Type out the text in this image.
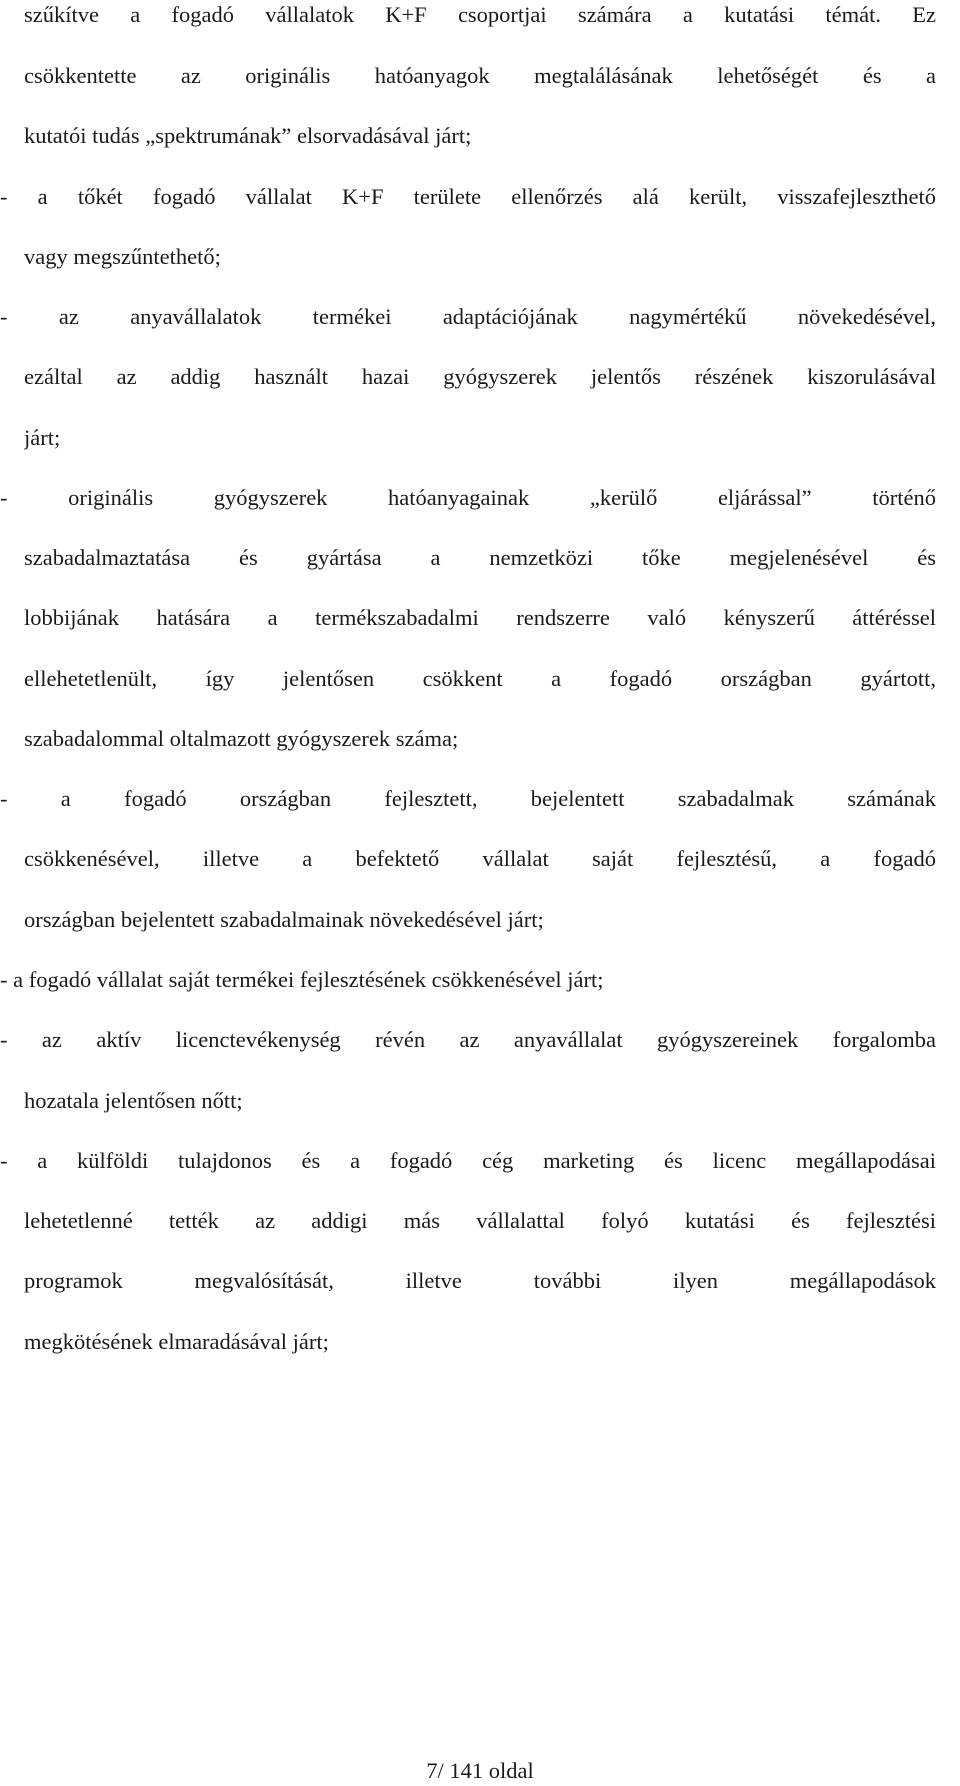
szűkítve a fogadó vállalatok K+F csoportjai számára a kutatási témát. Ez
csökkentette az originális hatóanyagok megtalálásának lehetőségét és a
kutatói tudás „spektrumának” elsorvadásával járt;
- a tőkét fogadó vállalat K+F területe ellenőrzés alá került, visszafejleszthető
vagy megszűntethető;
- az anyavállalatok termékei adaptációjának nagymértékű növekedésével,
ezáltal az addig használt hazai gyógyszerek jelentős részének kiszorulásával
járt;
- originális gyógyszerek hatóanyagainak „kerülő eljárással” történő
szabadalmaztatása és gyártása a nemzetközi tőke megjelenésével és
lobbijának hatására a termékszabadalmi rendszerre való kényszerű áttéréssel
ellehetetlenült, így jelentősen csökkent a fogadó országban gyártott,
szabadalommal oltalmazott gyógyszerek száma;
- a fogadó országban fejlesztett, bejelentett szabadalmak számának
csökkenésével, illetve a befektető vállalat saját fejlesztésű, a fogadó
országban bejelentett szabadalmainak növekedésével járt;
- a fogadó vállalat saját termékei fejlesztésének csökkenésével járt;
- az aktív licenctevékenység révén az anyavállalat gyógyszereinek forgalomba
hozatala jelentősen nőtt;
- a külföldi tulajdonos és a fogadó cég marketing és licenc megállapodásai
lehetetlenné tették az addigi más vállalattal folyó kutatási és fejlesztési
programok megvalósítását, illetve további ilyen megállapodások
megkötésének elmaradásával járt;
7/ 141 oldal
